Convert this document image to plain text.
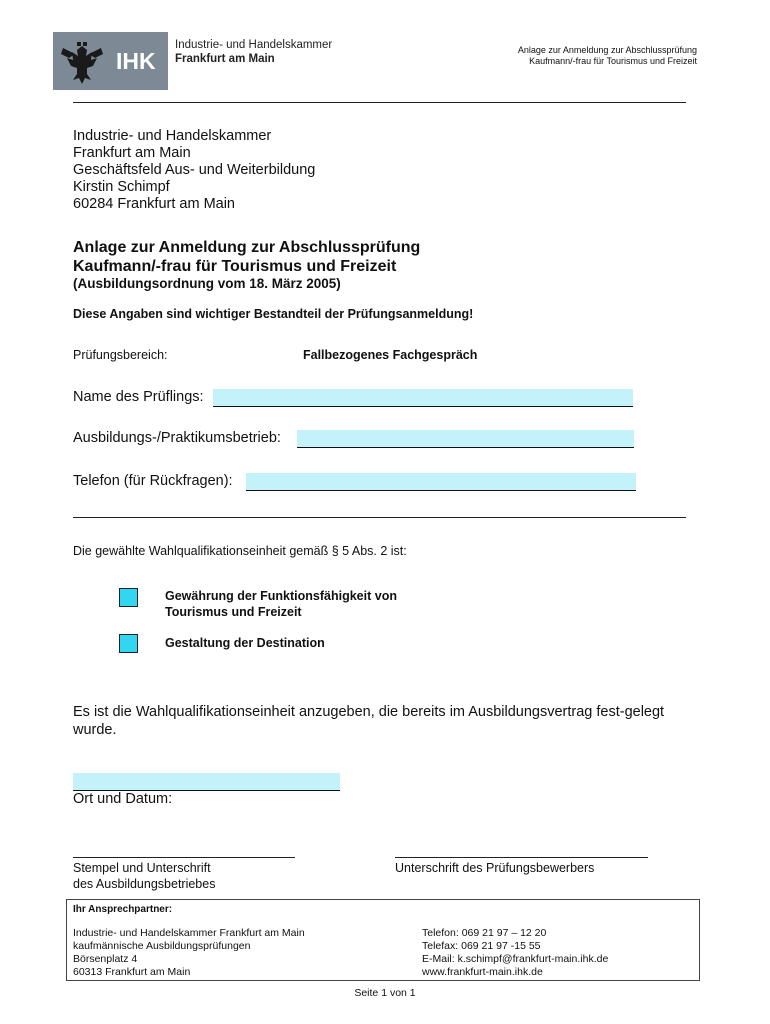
IHK
Industrie- und Handelskammer
Frankfurt am Main
Anlage zur Anmeldung zur Abschlussprüfung
Kaufmann/-frau für Tourismus und Freizeit
Industrie- und Handelskammer
Frankfurt am Main
Geschäftsfeld Aus- und Weiterbildung
Kirstin Schimpf
60284 Frankfurt am Main
Anlage zur Anmeldung zur Abschlussprüfung
Kaufmann/-frau für Tourismus und Freizeit
(Ausbildungsordnung vom 18. März 2005)
Diese Angaben sind wichtiger Bestandteil der Prüfungsanmeldung!
Prüfungsbereich:	Fallbezogenes Fachgespräch
Name des Prüflings:
Ausbildungs-/Praktikumsbetrieb:
Telefon (für Rückfragen):
Die gewählte Wahlqualifikationseinheit gemäß § 5 Abs. 2 ist:
Gewährung der Funktionsfähigkeit von
Tourismus und Freizeit
Gestaltung der Destination
Es ist die Wahlqualifikationseinheit anzugeben, die bereits im Ausbildungsvertrag fest-gelegt wurde.
Ort und Datum:
Stempel und Unterschrift
des Ausbildungsbetriebes
Unterschrift des Prüfungsbewerbers
Ihr Ansprechpartner:
Industrie- und Handelskammer Frankfurt am Main
kaufmännische Ausbildungsprüfungen
Börsenplatz 4
60313 Frankfurt am Main
Telefon: 069 21 97 – 12 20
Telefax: 069 21 97 -15 55
E-Mail: k.schimpf@frankfurt-main.ihk.de
www.frankfurt-main.ihk.de
Seite 1 von 1
